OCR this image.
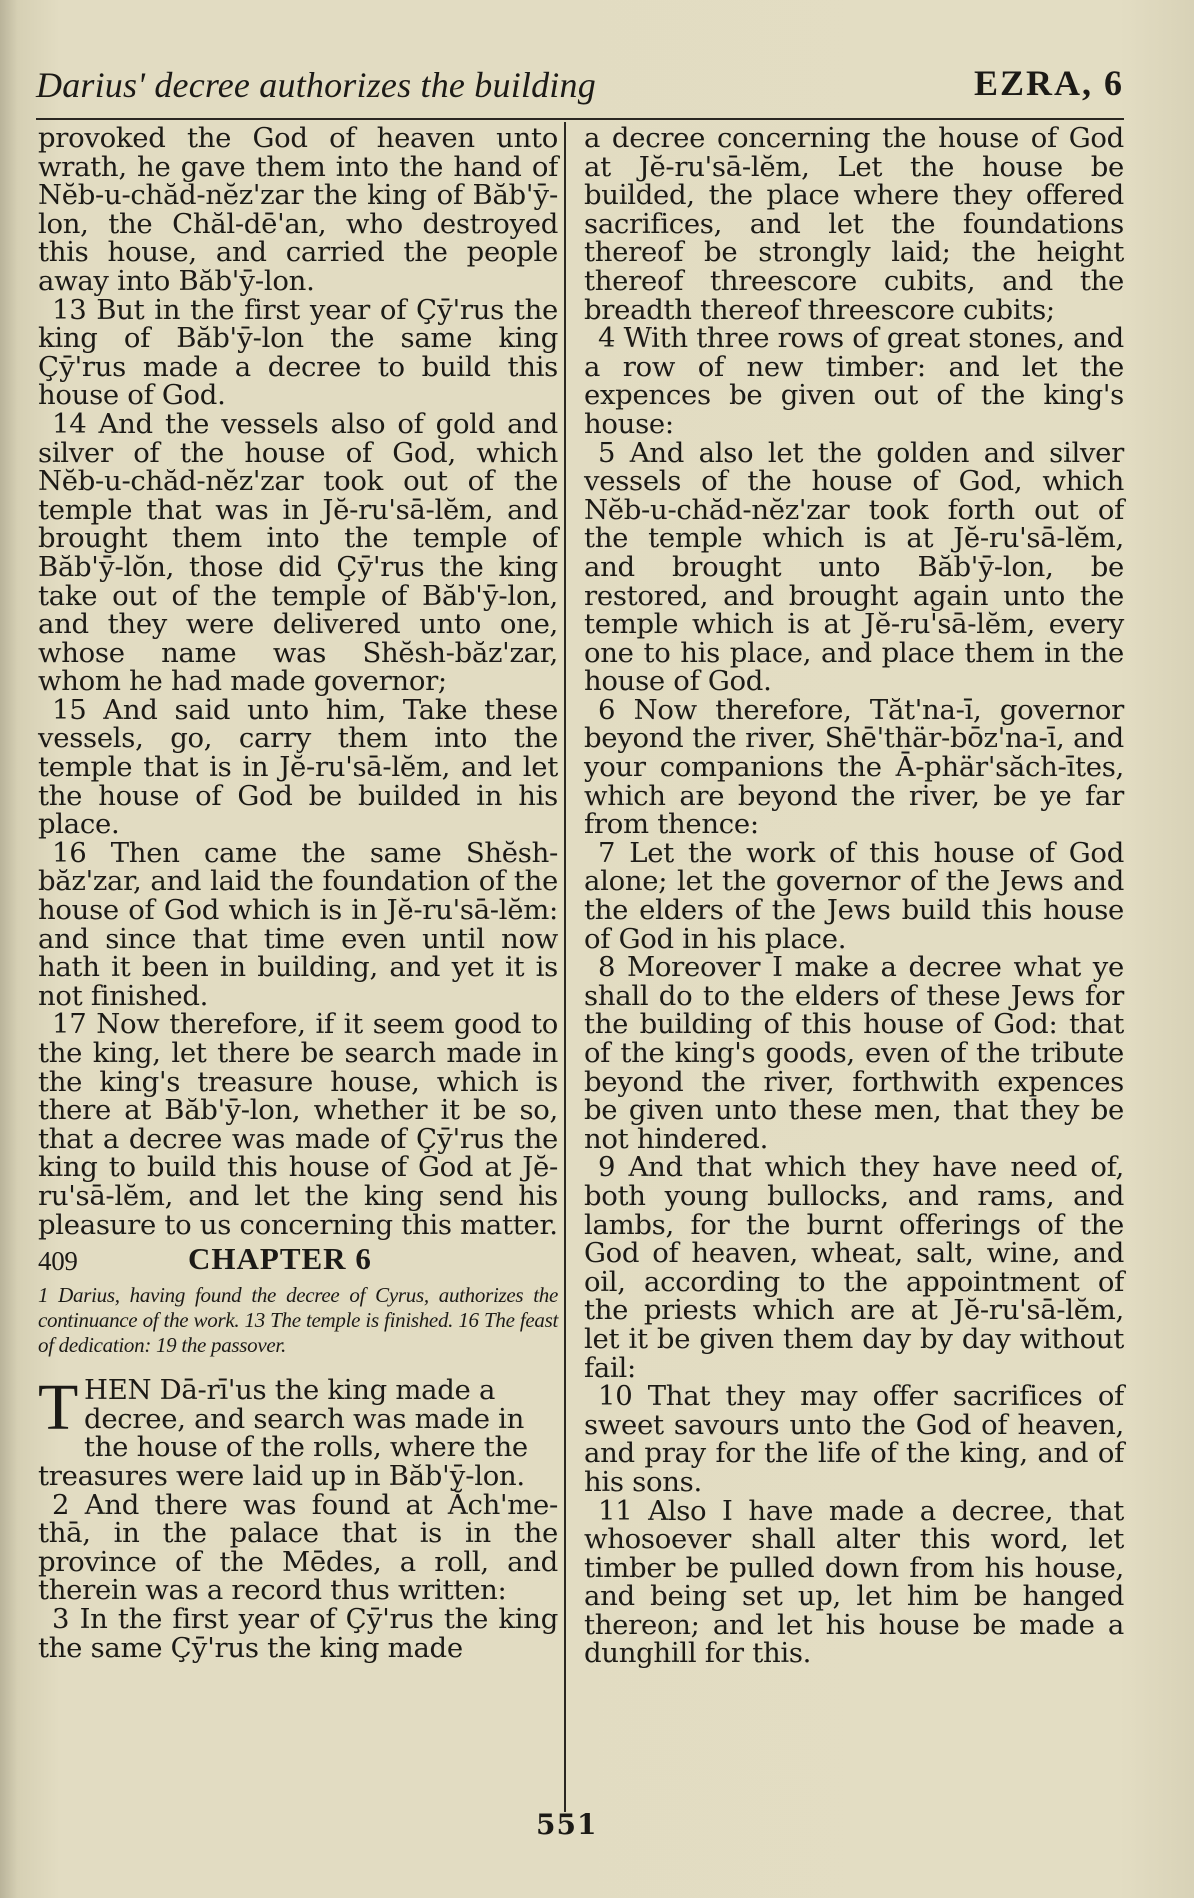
Darius' decree authorizes the building	EZRA, 6

provoked the God of heaven unto wrath, he gave them into the hand of Nĕb-u-chăd-nĕz'zar the king of Băb'ӯ-lon, the Chăl-dē'an, who destroyed this house, and carried the people away into Băb'ӯ-lon.

13 But in the first year of Çӯ'rus the king of Băb'ӯ-lon the same king Çӯ'rus made a decree to build this house of God.

14 And the vessels also of gold and silver of the house of God, which Nĕb-u-chăd-nĕz'zar took out of the temple that was in Jĕ-ru'sā-lĕm, and brought them into the temple of Băb'ӯ-lŏn, those did Çӯ'rus the king take out of the temple of Băb'ӯ-lon, and they were delivered unto one, whose name was Shĕsh-băz'zar, whom he had made governor;

15 And said unto him, Take these vessels, go, carry them into the temple that is in Jĕ-ru'sā-lĕm, and let the house of God be builded in his place.

16 Then came the same Shĕsh-băz'zar, and laid the foundation of the house of God which is in Jĕ-ru'sā-lĕm: and since that time even until now hath it been in building, and yet it is not finished.

17 Now therefore, if it seem good to the king, let there be search made in the king's treasure house, which is there at Băb'ӯ-lon, whether it be so, that a decree was made of Çӯ'rus the king to build this house of God at Jĕ-ru'sā-lĕm, and let the king send his pleasure to us concerning this matter.

409	CHAPTER 6
1 Darius, having found the decree of Cyrus, authorizes the continuance of the work. 13 The temple is finished. 16 The feast of dedication: 19 the passover.
T HEN Dā-rī'us the king made a decree, and search was made in the house of the rolls, where the treasures were laid up in Băb'ӯ-lon.

2 And there was found at Ăch'me-thā, in the palace that is in the province of the Mēdes, a roll, and therein was a record thus written:

3 In the first year of Çӯ'rus the king the same Çӯ'rus the king made

a decree concerning the house of God at Jĕ-ru'sā-lĕm, Let the house be builded, the place where they offered sacrifices, and let the foundations thereof be strongly laid; the height thereof threescore cubits, and the breadth thereof threescore cubits;

4 With three rows of great stones, and a row of new timber: and let the expences be given out of the king's house:

5 And also let the golden and silver vessels of the house of God, which Nĕb-u-chăd-nĕz'zar took forth out of the temple which is at Jĕ-ru'sā-lĕm, and brought unto Băb'ӯ-lon, be restored, and brought again unto the temple which is at Jĕ-ru'sā-lĕm, every one to his place, and place them in the house of God.

6 Now therefore, Tăt'na-ī, governor beyond the river, Shē'thär-bōz'na-ī, and your companions the Ā-phär'săch-ītes, which are beyond the river, be ye far from thence:

7 Let the work of this house of God alone; let the governor of the Jews and the elders of the Jews build this house of God in his place.

8 Moreover I make a decree what ye shall do to the elders of these Jews for the building of this house of God: that of the king's goods, even of the tribute beyond the river, forthwith expences be given unto these men, that they be not hindered.

9 And that which they have need of, both young bullocks, and rams, and lambs, for the burnt offerings of the God of heaven, wheat, salt, wine, and oil, according to the appointment of the priests which are at Jĕ-ru'sā-lĕm, let it be given them day by day without fail:

10 That they may offer sacrifices of sweet savours unto the God of heaven, and pray for the life of the king, and of his sons.

11 Also I have made a decree, that whosoever shall alter this word, let timber be pulled down from his house, and being set up, let him be hanged thereon; and let his house be made a dunghill for this.

551
